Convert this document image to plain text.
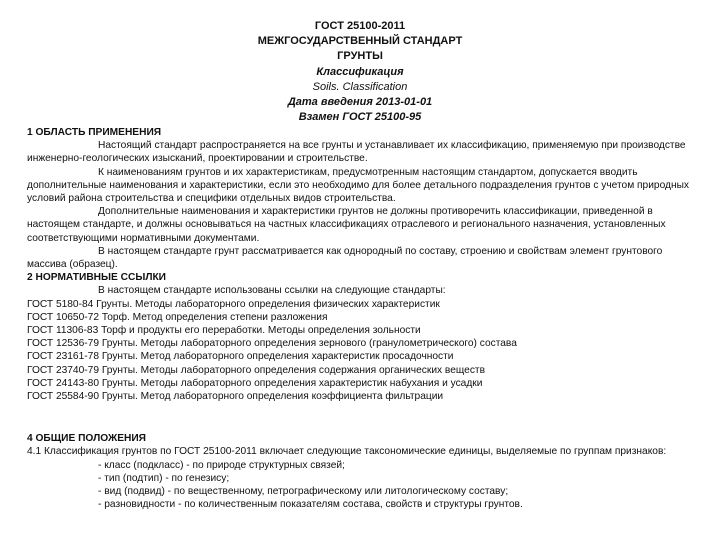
ГОСТ 25100-2011
МЕЖГОСУДАРСТВЕННЫЙ СТАНДАРТ
ГРУНТЫ
Классификация
Soils. Classification
Дата введения 2013-01-01
Взамен ГОСТ 25100-95

1 ОБЛАСТЬ ПРИМЕНЕНИЯ

Настоящий стандарт распространяется на все грунты и устанавливает их классификацию, применяемую при производстве инженерно-геологических изысканий, проектировании и строительстве.

К наименованиям грунтов и их характеристикам, предусмотренным настоящим стандартом, допускается вводить дополнительные наименования и характеристики, если это необходимо для более детального подразделения грунтов с учетом природных условий района строительства и специфики отдельных видов строительства.

Дополнительные наименования и характеристики грунтов не должны противоречить классификации, приведенной в настоящем стандарте, и должны основываться на частных классификациях отраслевого и регионального назначения, установленных соответствующими нормативными документами.

В настоящем стандарте грунт рассматривается как однородный по составу, строению и свойствам элемент грунтового массива (образец).

2 НОРМАТИВНЫЕ ССЫЛКИ

В настоящем стандарте использованы ссылки на следующие стандарты:

ГОСТ 5180-84 Грунты. Методы лабораторного определения физических характеристик

ГОСТ 10650-72 Торф. Метод определения степени разложения

ГОСТ 11306-83 Торф и продукты его переработки. Методы определения зольности

ГОСТ 12536-79 Грунты. Методы лабораторного определения зернового (гранулометрического) состава

ГОСТ 23161-78 Грунты. Метод лабораторного определения характеристик просадочности

ГОСТ 23740-79 Грунты. Методы лабораторного определения содержания органических веществ

ГОСТ 24143-80 Грунты. Методы лабораторного определения характеристик набухания и усадки

ГОСТ 25584-90 Грунты. Метод лабораторного определения коэффициента фильтрации

4 ОБЩИЕ ПОЛОЖЕНИЯ

4.1 Классификация грунтов по ГОСТ 25100-2011 включает следующие таксономические единицы, выделяемые по группам признаков:

- класс (подкласс) - по природе структурных связей;
- тип (подтип) - по генезису;
- вид (подвид) - по вещественному, петрографическому или литологическому составу;
- разновидности - по количественным показателям состава, свойств и структуры грунтов.
